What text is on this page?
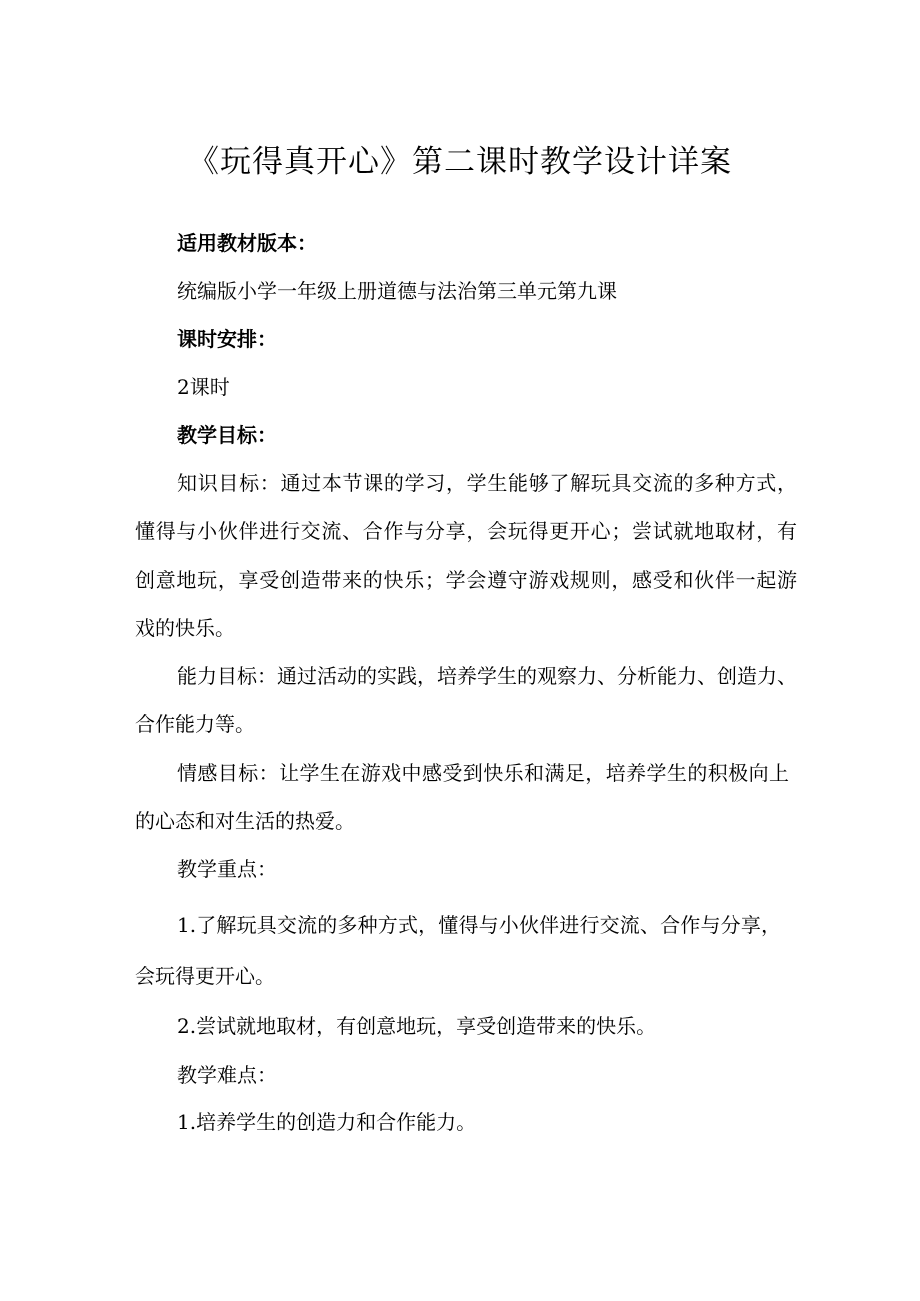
《玩得真开心》第二课时教学设计详案
适用教材版本：
统编版小学一年级上册道德与法治第三单元第九课
课时安排：
2课时
教学目标：
知识目标：通过本节课的学习，学生能够了解玩具交流的多种方式，
懂得与小伙伴进行交流、合作与分享，会玩得更开心；尝试就地取材，有
创意地玩，享受创造带来的快乐；学会遵守游戏规则，感受和伙伴一起游
戏的快乐。
能力目标：通过活动的实践，培养学生的观察力、分析能力、创造力、
合作能力等。
情感目标：让学生在游戏中感受到快乐和满足，培养学生的积极向上
的心态和对生活的热爱。
教学重点：
1.了解玩具交流的多种方式，懂得与小伙伴进行交流、合作与分享，
会玩得更开心。
2.尝试就地取材，有创意地玩，享受创造带来的快乐。
教学难点：
1.培养学生的创造力和合作能力。
